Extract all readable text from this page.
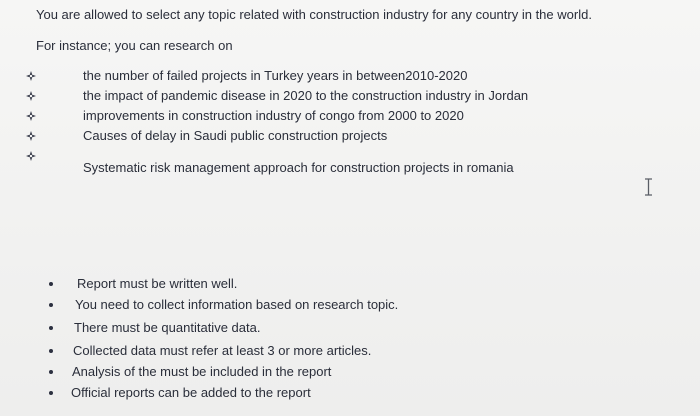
You are allowed to select any topic related with construction industry for any country in the world.
For instance; you can research on
the number of failed projects in Turkey years in between2010-2020
the impact of pandemic disease in 2020 to the construction industry in Jordan
improvements in construction industry of congo from 2000 to 2020
Causes of delay in Saudi public construction projects
Systematic risk management approach for construction projects in romania
Report must be written well.
You need to collect information based on research topic.
There must be quantitative data.
Collected data must refer at least 3 or more articles.
Analysis of the must be included in the report
Official reports can be added to the report
